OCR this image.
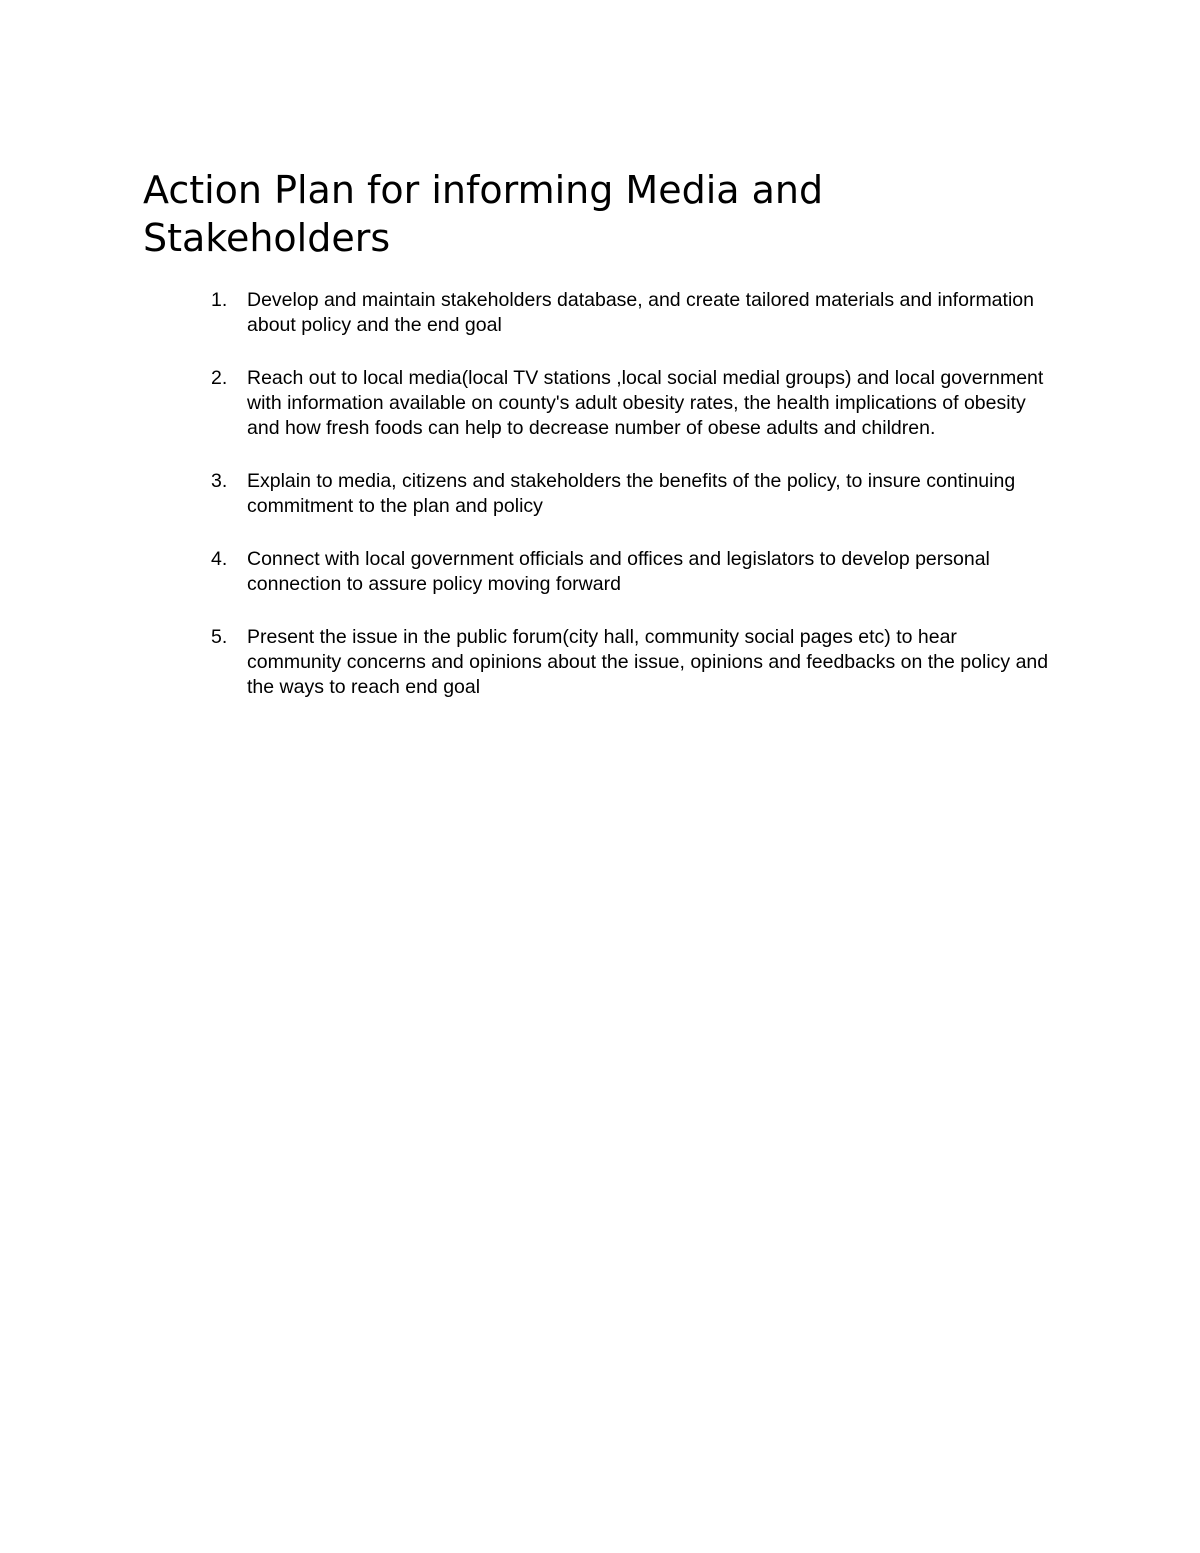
Action Plan for informing Media and Stakeholders
1. Develop and maintain stakeholders database, and create tailored materials and information about policy and the end goal
2. Reach out to local media(local TV stations ,local social medial groups) and local government with information available on county's adult obesity rates, the health implications of obesity and how fresh foods can help to decrease number of obese adults and children.
3. Explain to media, citizens and stakeholders the benefits of the policy, to insure continuing commitment to the plan and policy
4. Connect with local government officials and offices and legislators to develop personal connection to assure policy moving forward
5. Present the issue in the public forum(city hall, community social pages etc) to hear community concerns and opinions about the issue, opinions and feedbacks on the policy and the ways to reach end goal
